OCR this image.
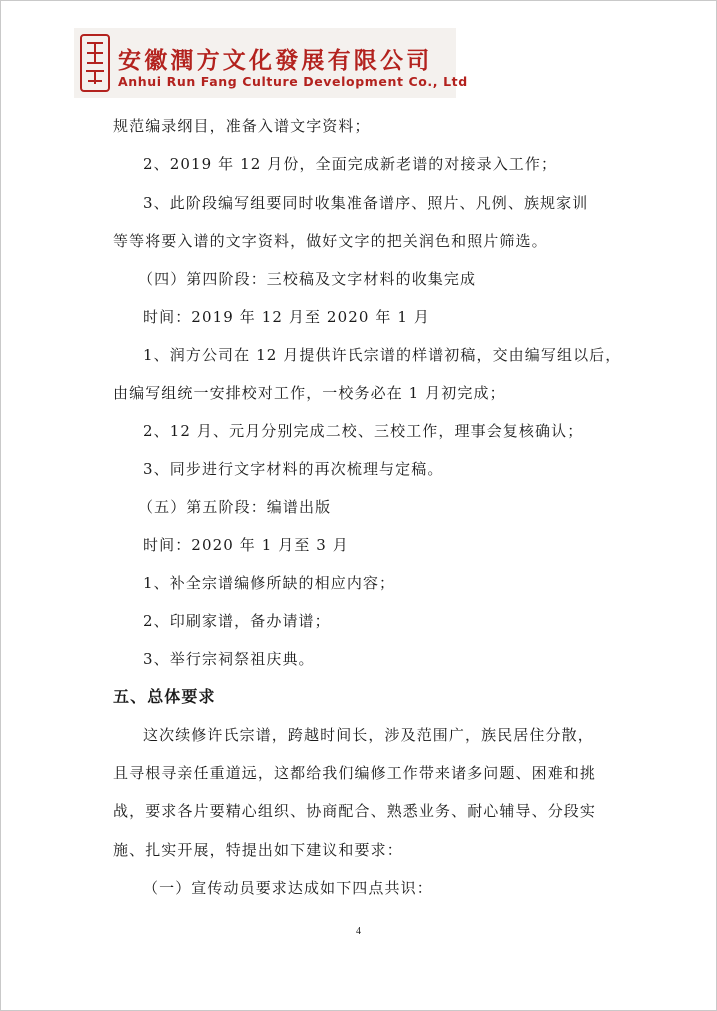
安徽潤方文化發展有限公司
Anhui Run Fang Culture Development Co., Ltd
规范编录纲目，准备入谱文字资料；
2、2019 年 12 月份，全面完成新老谱的对接录入工作；
3、此阶段编写组要同时收集准备谱序、照片、凡例、族规家训
等等将要入谱的文字资料，做好文字的把关润色和照片筛选。
（四）第四阶段：三校稿及文字材料的收集完成
时间：2019 年 12 月至 2020 年 1 月
1、润方公司在 12 月提供许氏宗谱的样谱初稿，交由编写组以后，
由编写组统一安排校对工作，一校务必在 1 月初完成；
2、12 月、元月分别完成二校、三校工作，理事会复核确认；
3、同步进行文字材料的再次梳理与定稿。
（五）第五阶段：编谱出版
时间：2020 年 1 月至 3 月
1、补全宗谱编修所缺的相应内容；
2、印刷家谱，备办请谱；
3、举行宗祠祭祖庆典。
五、总体要求
这次续修许氏宗谱，跨越时间长，涉及范围广，族民居住分散，
且寻根寻亲任重道远，这都给我们编修工作带来诸多问题、困难和挑
战，要求各片要精心组织、协商配合、熟悉业务、耐心辅导、分段实
施、扎实开展，特提出如下建议和要求：
（一）宣传动员要求达成如下四点共识：
4
